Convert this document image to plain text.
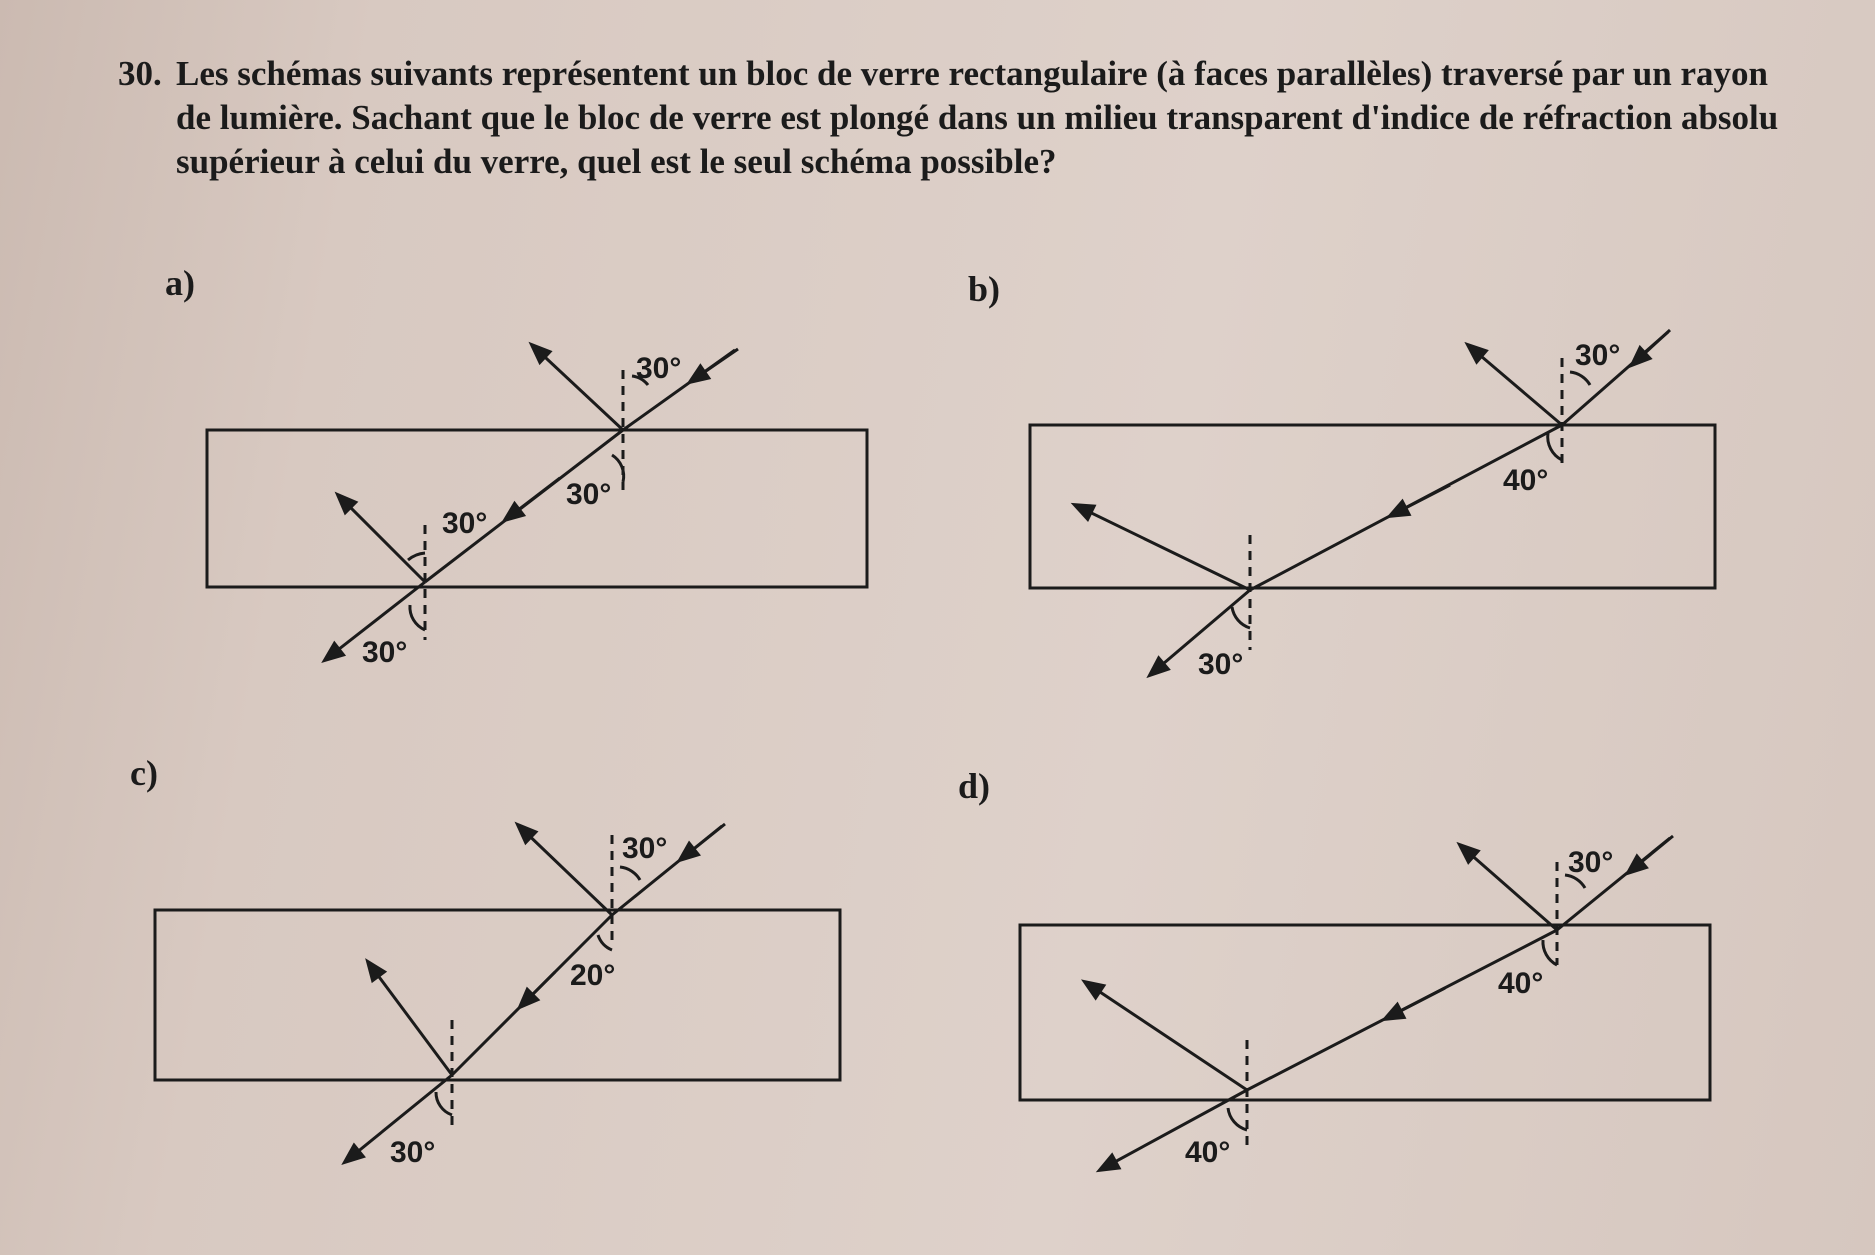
30. Les schémas suivants représentent un bloc de verre rectangulaire (à faces parallèles) traversé par un rayon de lumière. Sachant que le bloc de verre est plongé dans un milieu transparent d'indice de réfraction absolu supérieur à celui du verre, quel est le seul schéma possible?
a)	b)
c)	d)
30°
30°
30°
30°
30°
40°
30°
30°
20°
30°
30°
40°
40°
